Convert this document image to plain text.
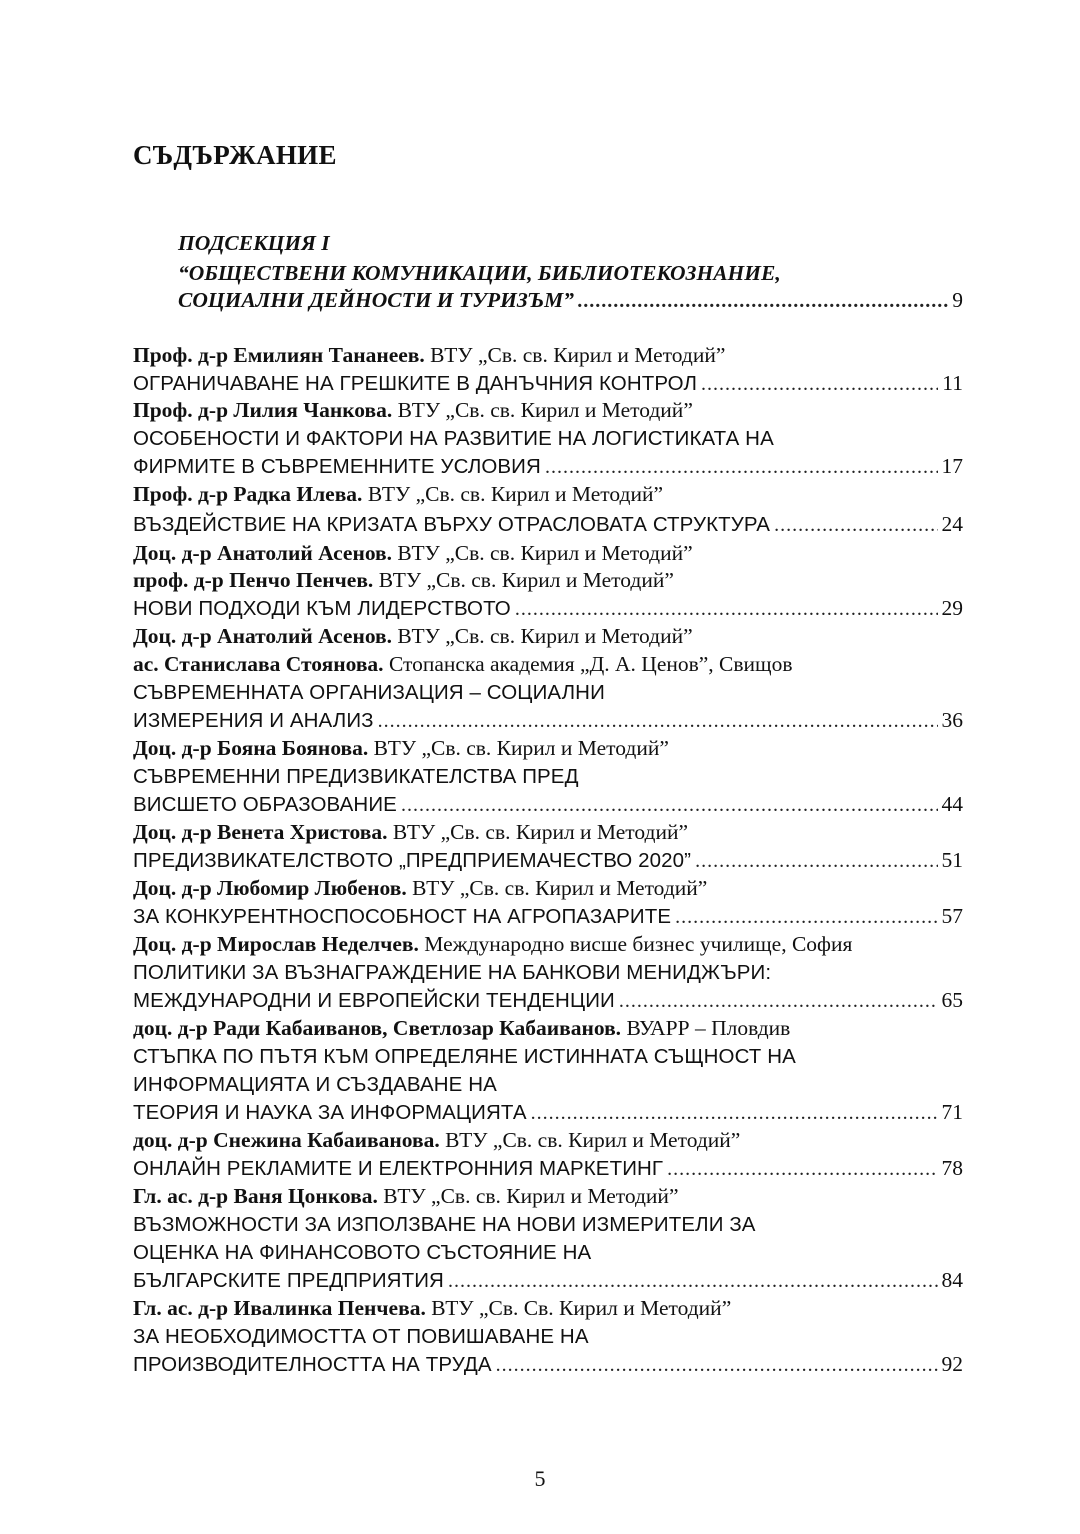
СЪДЪРЖАНИЕ
ПОДСЕКЦИЯ І
“ОБЩЕСТВЕНИ КОМУНИКАЦИИ, БИБЛИОТЕКОЗНАНИЕ,
СОЦИАЛНИ ДЕЙНОСТИ И ТУРИЗЪМ” .....	9
Проф. д-р Емилиян Тананеев. ВТУ „Св. св. Кирил и Методий”
ОГРАНИЧАВАНЕ НА ГРЕШКИТЕ В ДАНЪЧНИЯ КОНТРОЛ .....	11
Проф. д-р Лилия Чанкова. ВТУ „Св. св. Кирил и Методий”
ОСОБЕНОСТИ И ФАКТОРИ НА РАЗВИТИЕ НА ЛОГИСТИКАТА НА
ФИРМИТЕ В СЪВРЕМЕННИТЕ УСЛОВИЯ .....	17
Проф. д-р Радка Илева. ВТУ „Св. св. Кирил и Методий”
ВЪЗДЕЙСТВИЕ НА КРИЗАТА ВЪРХУ ОТРАСЛОВАТА СТРУКТУРА .....	24
Доц. д-р Анатолий Асенов. ВТУ „Св. св. Кирил и Методий”
проф. д-р Пенчо Пенчев. ВТУ „Св. св. Кирил и Методий”
НОВИ ПОДХОДИ КЪМ ЛИДЕРСТВОТО .....	29
Доц. д-р Анатолий Асенов. ВТУ „Св. св. Кирил и Методий”
ас. Станислава Стоянова. Стопанска академия „Д. А. Ценов”, Свищов
СЪВРЕМЕННАТА ОРГАНИЗАЦИЯ – СОЦИАЛНИ
ИЗМЕРЕНИЯ И АНАЛИЗ .....	36
Доц. д-р Бояна Боянова. ВТУ „Св. св. Кирил и Методий”
СЪВРЕМЕННИ ПРЕДИЗВИКАТЕЛСТВА ПРЕД
ВИСШЕТО ОБРАЗОВАНИЕ .....	44
Доц. д-р Венета Христова. ВТУ „Св. св. Кирил и Методий”
ПРЕДИЗВИКАТЕЛСТВОТО „ПРЕДПРИЕМАЧЕСТВО 2020” .....	51
Доц. д-р Любомир Любенов. ВТУ „Св. св. Кирил и Методий”
ЗА КОНКУРЕНТНОСПОСОБНОСТ НА АГРОПАЗАРИТЕ .....	57
Доц. д-р Мирослав Неделчев. Международно висше бизнес училище, София
ПОЛИТИКИ ЗА ВЪЗНАГРАЖДЕНИЕ НА БАНКОВИ МЕНИДЖЪРИ:
МЕЖДУНАРОДНИ И ЕВРОПЕЙСКИ ТЕНДЕНЦИИ .....	65
доц. д-р Ради Кабаиванов, Светлозар Кабаиванов. ВУАРР – Пловдив
СТЪПКА ПО ПЪТЯ КЪМ ОПРЕДЕЛЯНЕ ИСТИННАТА СЪЩНОСТ НА
ИНФОРМАЦИЯТА И СЪЗДАВАНЕ НА
ТЕОРИЯ И НАУКА ЗА ИНФОРМАЦИЯТА .....	71
доц. д-р Снежина Кабаиванова. ВТУ „Св. св. Кирил и Методий”
ОНЛАЙН РЕКЛАМИТЕ И ЕЛЕКТРОННИЯ МАРКЕТИНГ .....	78
Гл. ас. д-р Ваня Цонкова. ВТУ „Св. св. Кирил и Методий”
ВЪЗМОЖНОСТИ ЗА ИЗПОЛЗВАНЕ НА НОВИ ИЗМЕРИТЕЛИ ЗА
ОЦЕНКА НА ФИНАНСОВОТО СЪСТОЯНИЕ НА
БЪЛГАРСКИТЕ ПРЕДПРИЯТИЯ .....	84
Гл. ас. д-р Ивалинка Пенчева. ВТУ „Св. Св. Кирил и Методий”
ЗА НЕОБХОДИМОСТТА ОТ ПОВИШАВАНЕ НА
ПРОИЗВОДИТЕЛНОСТТА НА ТРУДА .....	92
5
